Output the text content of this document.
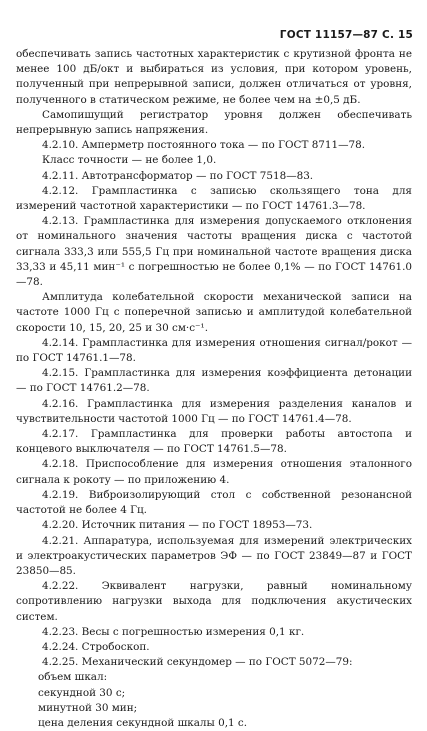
ГОСТ 11157—87 С. 15

обеспечивать запись частотных характеристик с крутизной фронта не менее 100 дБ/окт и выбираться из условия, при котором уровень, полученный при непрерывной записи, должен отличаться от уровня, полученного в статическом режиме, не более чем на ±0,5 дБ.

Самопишущий регистратор уровня должен обеспечивать непрерывную запись напряжения.

4.2.10. Амперметр постоянного тока — по ГОСТ 8711—78.

Класс точности — не более 1,0.

4.2.11. Автотрансформатор — по ГОСТ 7518—83.

4.2.12. Грампластинка с записью скользящего тона для измерений частотной характеристики — по ГОСТ 14761.3—78.

4.2.13. Грампластинка для измерения допускаемого отклонения от номинального значения частоты вращения диска с частотой сигнала 333,3 или 555,5 Гц при номинальной частоте вращения диска 33,33 и 45,11 мин⁻¹ с погрешностью не более 0,1% — по ГОСТ 14761.0—78.

Амплитуда колебательной скорости механической записи на частоте 1000 Гц с поперечной записью и амплитудой колебательной скорости 10, 15, 20, 25 и 30 см·с⁻¹.

4.2.14. Грампластинка для измерения отношения сигнал/рокот — по ГОСТ 14761.1—78.

4.2.15. Грампластинка для измерения коэффициента детонации — по ГОСТ 14761.2—78.

4.2.16. Грампластинка для измерения разделения каналов и чувствительности частотой 1000 Гц — по ГОСТ 14761.4—78.

4.2.17. Грампластинка для проверки работы автостопа и концевого выключателя — по ГОСТ 14761.5—78.

4.2.18. Приспособление для измерения отношения эталонного сигнала к рокоту — по приложению 4.

4.2.19. Виброизолирующий стол с собственной резонансной частотой не более 4 Гц.

4.2.20. Источник питания — по ГОСТ 18953—73.

4.2.21. Аппаратура, используемая для измерений электрических и электроакустических параметров ЭФ — по ГОСТ 23849—87 и ГОСТ 23850—85.

4.2.22. Эквивалент нагрузки, равный номинальному сопротивлению нагрузки выхода для подключения акустических систем.

4.2.23. Весы с погрешностью измерения 0,1 кг.

4.2.24. Стробоскоп.

4.2.25. Механический секундомер — по ГОСТ 5072—79:

объем шкал:

секундной 30 с;

минутной 30 мин;

цена деления секундной шкалы 0,1 с.
